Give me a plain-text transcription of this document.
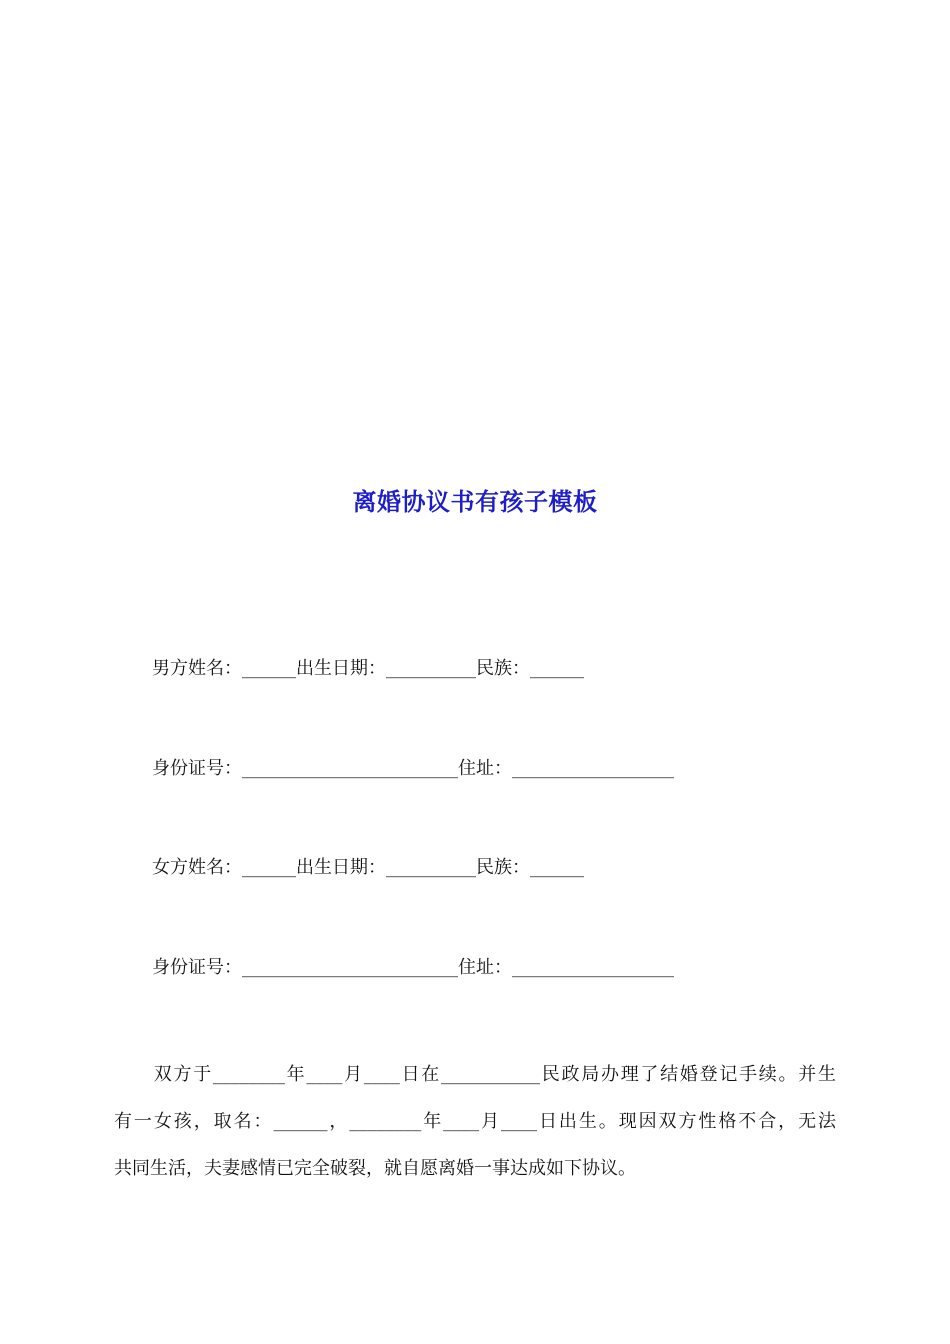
离婚协议书有孩子模板
男方姓名：______出生日期：__________民族：______
身份证号：________________________住址：__________________
女方姓名：______出生日期：__________民族：______
身份证号：________________________住址：__________________
双方于________年____月____日在___________民政局办理了结婚登记手续。并生
有一女孩，取名：______，________年____月____日出生。现因双方性格不合，无法
共同生活，夫妻感情已完全破裂，就自愿离婚一事达成如下协议。
